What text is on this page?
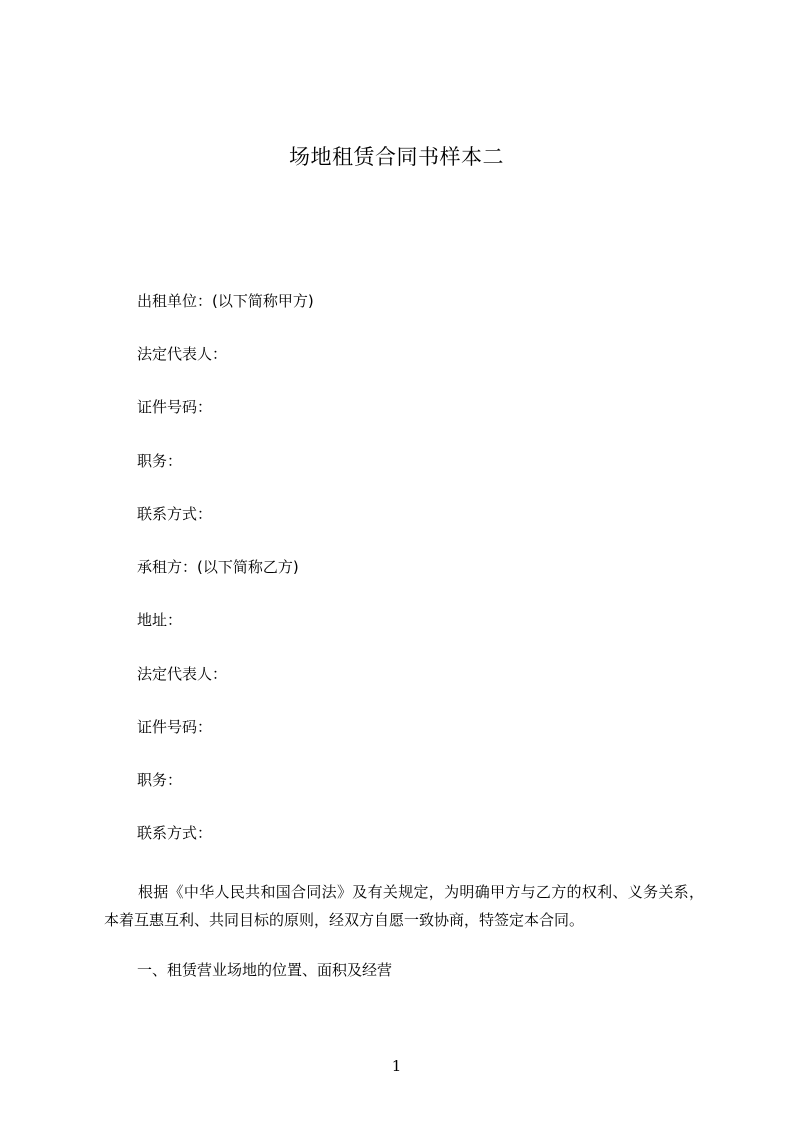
场地租赁合同书样本二
出租单位：(以下简称甲方)
法定代表人：
证件号码：
职务：
联系方式：
承租方：(以下简称乙方)
地址：
法定代表人：
证件号码：
职务：
联系方式：
根据《中华人民共和国合同法》及有关规定，为明确甲方与乙方的权利、义务关系，本着互惠互利、共同目标的原则，经双方自愿一致协商，特签定本合同。
一、租赁营业场地的位置、面积及经营
1
